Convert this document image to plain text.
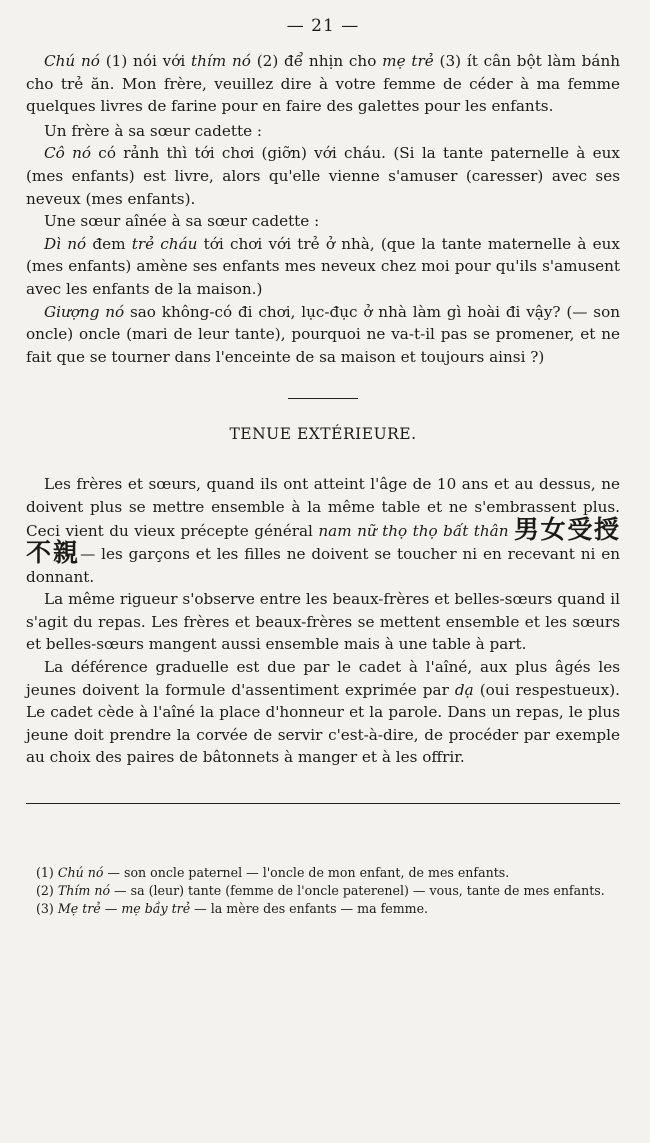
— 21 —

Chú nó (1) nói với thím nó (2) để nhịn cho mẹ trẻ (3) ít cân bột làm bánh cho trẻ ăn. Mon frère, veuillez dire à votre femme de céder à ma femme quelques livres de farine pour en faire des galettes pour les enfants.

Un frère à sa sœur cadette :

Cô nó có rảnh thì tới chơi (giỡn) với cháu. (Si la tante paternelle à eux (mes enfants) est livre, alors qu'elle vienne s'amuser (caresser) avec ses neveux (mes enfants).

Une sœur aînée à sa sœur cadette :

Dì nó đem trẻ cháu tới chơi với trẻ ở nhà, (que la tante maternelle à eux (mes enfants) amène ses enfants mes neveux chez moi pour qu'ils s'amusent avec les enfants de la maison.)

Giượng nó sao không-có đi chơi, lục-đục ở nhà làm gì hoài đi vậy? (— son oncle) oncle (mari de leur tante), pourquoi ne va-t-il pas se promener, et ne fait que se tourner dans l'enceinte de sa maison et toujours ainsi ?)

TENUE EXTÉRIEURE.

Les frères et sœurs, quand ils ont atteint l'âge de 10 ans et au dessus, ne doivent plus se mettre ensemble à la même table et ne s'embrassent plus. Ceci vient du vieux précepte général nam nữ thọ thọ bất thân 男女受授不親— les garçons et les filles ne doivent se toucher ni en recevant ni en donnant.

La même rigueur s'observe entre les beaux-frères et belles-sœurs quand il s'agit du repas. Les frères et beaux-frères se mettent ensemble et les sœurs et belles-sœurs mangent aussi ensemble mais à une table à part.

La déférence graduelle est due par le cadet à l'aîné, aux plus âgés les jeunes doivent la formule d'assentiment exprimée par dạ (oui respestueux). Le cadet cède à l'aîné la place d'honneur et la parole. Dans un repas, le plus jeune doit prendre la corvée de servir c'est-à-dire, de procéder par exemple au choix des paires de bâtonnets à manger et à les offrir.

(1) Chú nó — son oncle paternel — l'oncle de mon enfant, de mes enfants.

(2) Thím nó — sa (leur) tante (femme de l'oncle paterenel) — vous, tante de mes enfants.

(3) Mẹ trẻ — mẹ bầy trẻ — la mère des enfants — ma femme.
